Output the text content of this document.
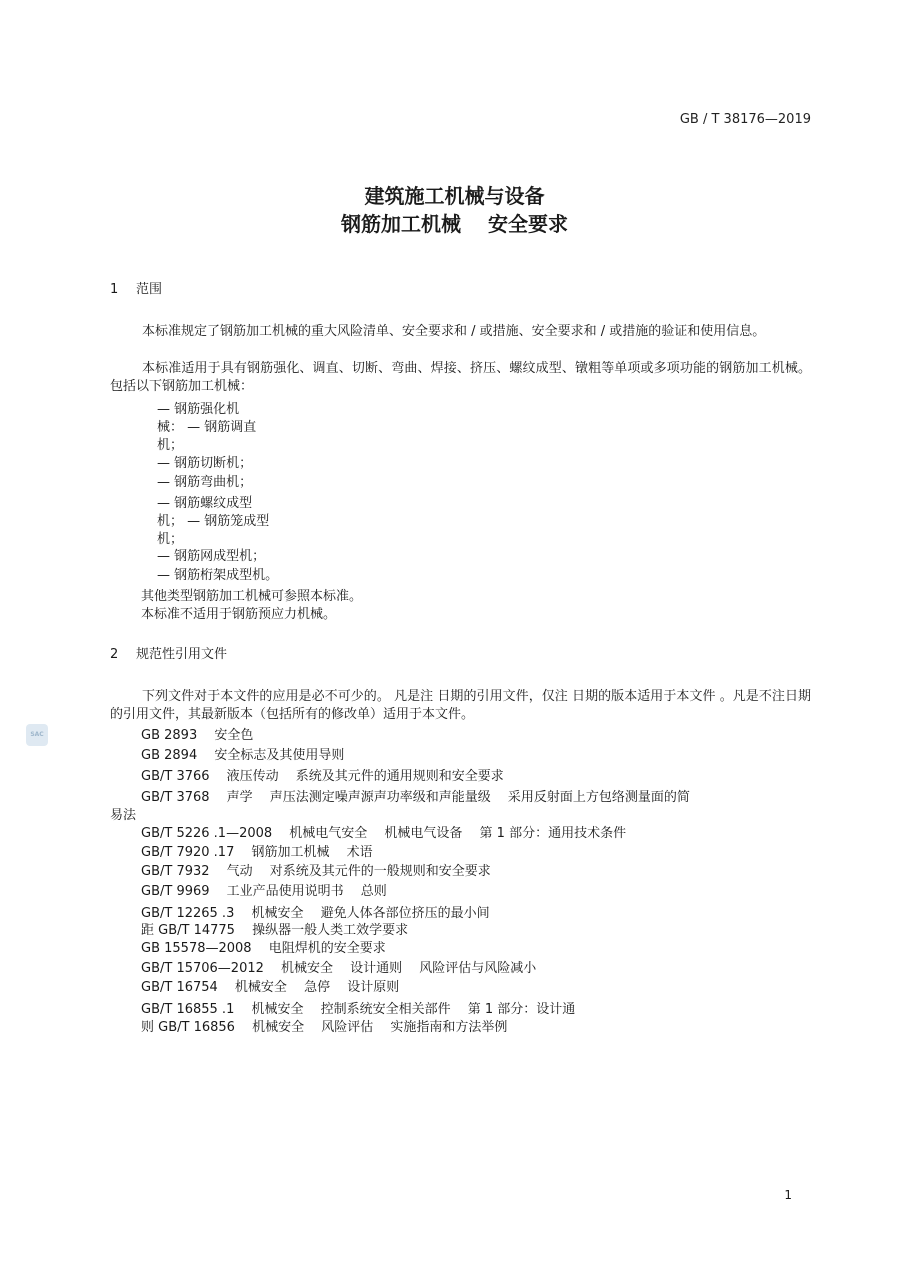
GB / T 38176—2019
建筑施工机械与设备
钢筋加工机械　 安全要求
1 范围
本标准规定了钢筋加工机械的重大风险清单、安全要求和 / 或措施、安全要求和 / 或措施的验证和使用信息。
本标准适用于具有钢筋强化、调直、切断、弯曲、焊接、挤压、螺纹成型、镦粗等单项或多项功能的钢筋加工机械。 包括以下钢筋加工机械：
— 钢筋强化机
械： — 钢筋调直
机；
— 钢筋切断机；
— 钢筋弯曲机；
— 钢筋螺纹成型
机； — 钢筋笼成型
机；
— 钢筋网成型机；
— 钢筋桁架成型机。
其他类型钢筋加工机械可参照本标准。
本标准不适用于钢筋预应力机械。
2 规范性引用文件
下列文件对于本文件的应用是必不可少的。 凡是注 日期的引用文件，仅注 日期的版本适用于本文件 。凡是不注日期的引用文件，其最新版本（包括所有的修改单）适用于本文件。
SAC	GB 2893　 安全色
GB 2894　 安全标志及其使用导则
GB/T 3766　 液压传动　 系统及其元件的通用规则和安全要求
GB/T 3768　 声学　 声压法测定噪声源声功率级和声能量级　 采用反射面上方包络测量面的简
易法
GB/T 5226 .1—2008　 机械电气安全　 机械电气设备　 第 1 部分：通用技术条件
GB/T 7920 .17　 钢筋加工机械　 术语
GB/T 7932　 气动　 对系统及其元件的一般规则和安全要求
GB/T 9969　 工业产品使用说明书　 总则
GB/T 12265 .3　 机械安全　 避免人体各部位挤压的最小间
距 GB/T 14775　 操纵器一般人类工效学要求
GB 15578—2008　 电阻焊机的安全要求
GB/T 15706—2012　 机械安全　 设计通则　 风险评估与风险减小
GB/T 16754　 机械安全　 急停　 设计原则
GB/T 16855 .1　 机械安全　 控制系统安全相关部件　 第 1 部分：设计通
则 GB/T 16856　 机械安全　 风险评估　 实施指南和方法举例
1
